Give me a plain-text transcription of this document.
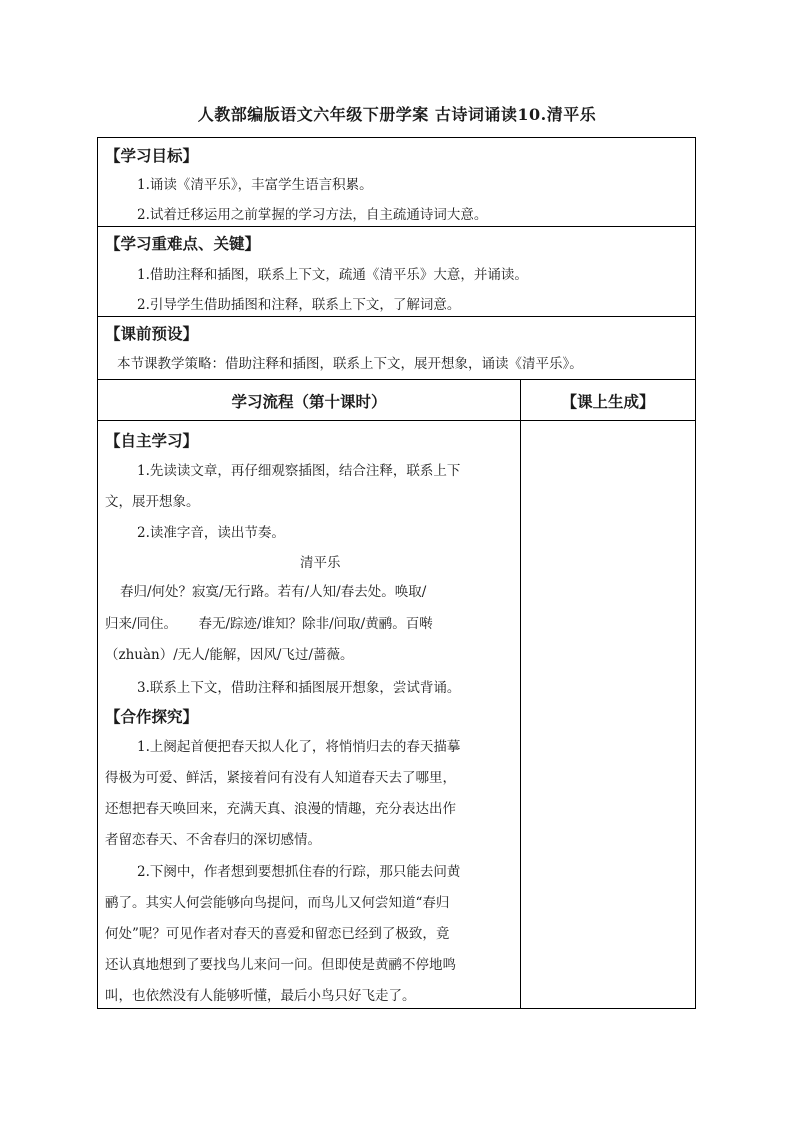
人教部编版语文六年级下册学案 古诗词诵读10.清平乐
【学习目标】
1.诵读《清平乐》，丰富学生语言积累。
2.试着迁移运用之前掌握的学习方法，自主疏通诗词大意。
【学习重难点、关键】
1.借助注释和插图，联系上下文，疏通《清平乐》大意，并诵读。
2.引导学生借助插图和注释，联系上下文，了解词意。
【课前预设】
本节课教学策略：借助注释和插图，联系上下文，展开想象，诵读《清平乐》。
学习流程（第十课时）	【课上生成】
【自主学习】
1.先读读文章，再仔细观察插图，结合注释，联系上下
文，展开想象。
2.读准字音，读出节奏。
清平乐
春归/何处？寂寞/无行路。若有/人知/春去处。唤取/
归来/同住。     春无/踪迹/谁知？除非/问取/黄鹂。百啭
（zhuàn）/无人/能解，因风/飞过/蔷薇。
3.联系上下文，借助注释和插图展开想象，尝试背诵。
【合作探究】
1.上阕起首便把春天拟人化了，将悄悄归去的春天描摹
得极为可爱、鲜活，紧接着问有没有人知道春天去了哪里，
还想把春天唤回来，充满天真、浪漫的情趣，充分表达出作
者留恋春天、不舍春归的深切感情。
2.下阕中，作者想到要想抓住春的行踪，那只能去问黄
鹂了。其实人何尝能够向鸟提问，而鸟儿又何尝知道“春归
何处”呢？可见作者对春天的喜爱和留恋已经到了极致，竟
还认真地想到了要找鸟儿来问一问。但即使是黄鹂不停地鸣
叫，也依然没有人能够听懂，最后小鸟只好飞走了。
